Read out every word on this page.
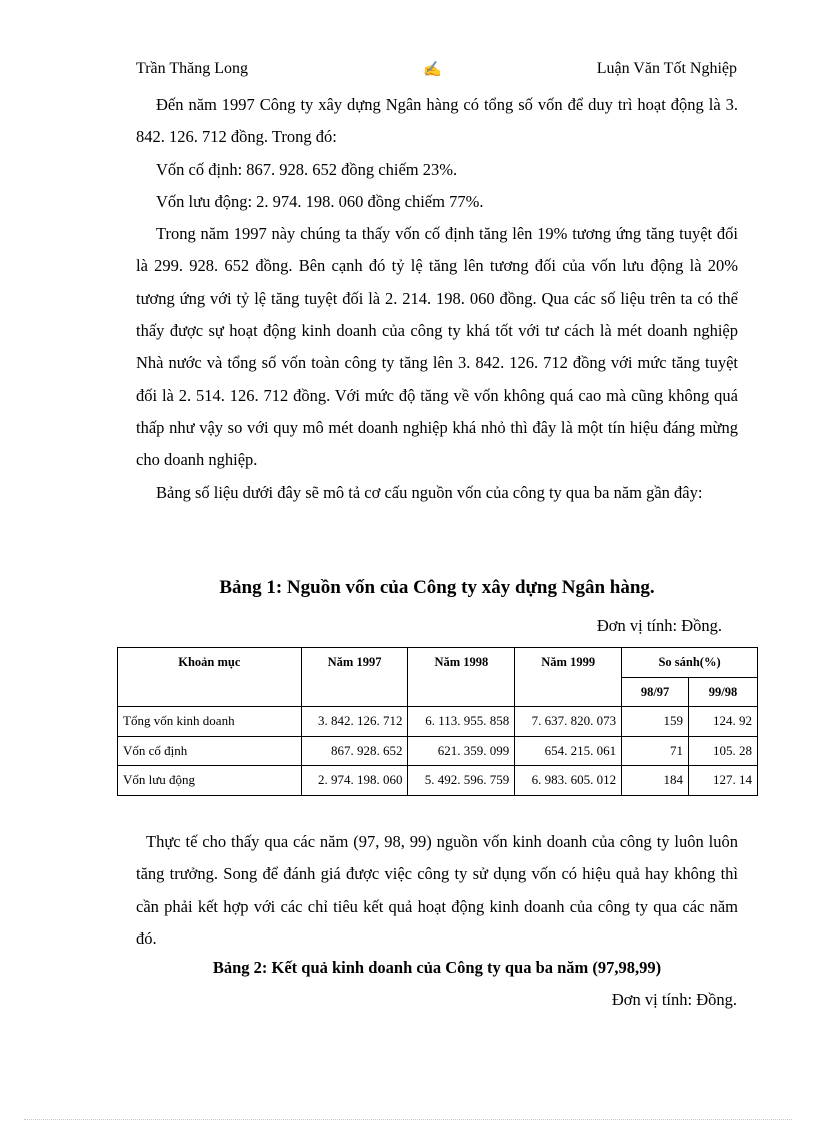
Trần Thăng Long	✍	Luận Văn Tốt Nghiệp

Đến năm 1997 Công ty xây dựng Ngân hàng có tổng số vốn để duy trì hoạt động là 3. 842. 126. 712 đồng. Trong đó:

Vốn cố định: 867. 928. 652 đồng chiếm 23%.

Vốn lưu động: 2. 974. 198. 060 đồng chiếm 77%.

Trong năm 1997 này chúng ta thấy vốn cố định tăng lên 19% tương ứng tăng tuyệt đối là 299. 928. 652 đồng. Bên cạnh đó tỷ lệ tăng lên tương đối của vốn lưu động là 20% tương ứng với tỷ lệ tăng tuyệt đối là 2. 214. 198. 060 đồng. Qua các số liệu trên ta có thể thấy được sự hoạt động kinh doanh của công ty khá tốt với tư cách là mét doanh nghiệp Nhà nước và tổng số vốn toàn công ty tăng lên 3. 842. 126. 712 đồng với mức tăng tuyệt đối là 2. 514. 126. 712 đồng. Với mức độ tăng về vốn không quá cao mà cũng không quá thấp như vậy so với quy mô mét doanh nghiệp khá nhỏ thì đây là một tín hiệu đáng mừng cho doanh nghiệp.

Bảng số liệu dưới đây sẽ mô tả cơ cấu nguồn vốn của công ty qua ba năm gần đây:

Bảng 1: Nguồn vốn của Công ty xây dựng Ngân hàng.
Đơn vị tính: Đồng.
Khoản mục	Năm 1997	Năm 1998	Năm 1999	So sánh(%)	
				98/97	99/98
Tổng vốn kinh doanh	3. 842. 126. 712	6. 113. 955. 858	7. 637. 820. 073	159	124. 92
Vốn cố định	867. 928. 652	621. 359. 099	654. 215. 061	71	105. 28
Vốn lưu động	2. 974. 198. 060	5. 492. 596. 759	6. 983. 605. 012	184	127. 14

Thực tế cho thấy qua các năm (97, 98, 99) nguồn vốn kinh doanh của công ty luôn luôn tăng trưởng. Song để đánh giá được việc công ty sử dụng vốn có hiệu quả hay không thì cần phải kết hợp với các chỉ tiêu kết quả hoạt động kinh doanh của công ty qua các năm đó.

Bảng 2: Kết quả kinh doanh của Công ty qua ba năm (97,98,99)
Đơn vị tính: Đồng.
